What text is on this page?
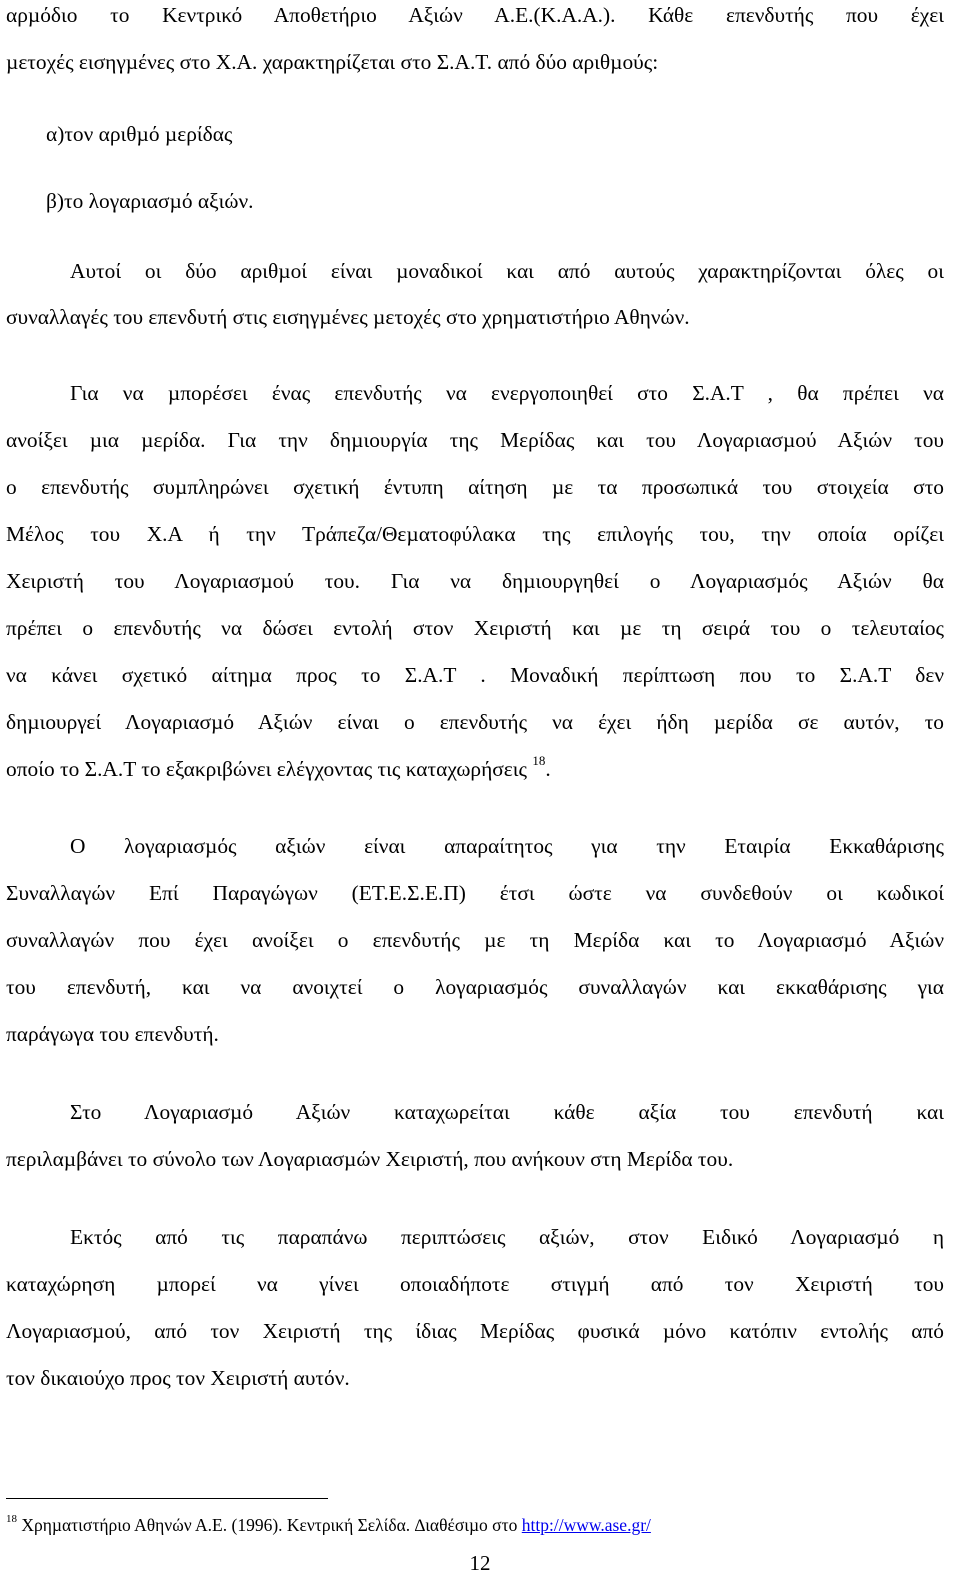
αρµόδιο το Κεντρικό Αποθετήριο Αξιών Α.Ε.(Κ.Α.Α.). Κάθε επενδυτής που έχει
µετοχές εισηγµένες στο Χ.Α. χαρακτηρίζεται στο Σ.Α.Τ. από δύο αριθµούς:
α)τον αριθµό µερίδας
β)το λογαριασµό αξιών.
Αυτοί οι δύο αριθµοί είναι µοναδικοί και από αυτούς χαρακτηρίζονται όλες οι
συναλλαγές του επενδυτή στις εισηγµένες µετοχές στο χρηµατιστήριο Αθηνών.
Για να µπορέσει ένας επενδυτής να ενεργοποιηθεί στο Σ.Α.Τ , θα πρέπει να
ανοίξει µια µερίδα. Για την δηµιουργία της Μερίδας και του Λογαριασµού Αξιών του
ο επενδυτής συµπληρώνει σχετική έντυπη αίτηση µε τα προσωπικά του στοιχεία στο
Μέλος του Χ.Α ή την Τράπεζα/Θεµατοφύλακα της επιλογής του, την οποία ορίζει
Χειριστή του Λογαριασµού του. Για να δηµιουργηθεί ο Λογαριασµός Αξιών θα
πρέπει ο επενδυτής να δώσει εντολή στον Χειριστή και µε τη σειρά του ο τελευταίος
να κάνει σχετικό αίτηµα προς το Σ.Α.Τ . Μοναδική περίπτωση που το Σ.Α.Τ δεν
δηµιουργεί Λογαριασµό Αξιών είναι ο επενδυτής να έχει ήδη µερίδα σε αυτόν, το
οποίο το Σ.Α.Τ το εξακριβώνει ελέγχοντας τις καταχωρήσεις $^{18}$.
Ο λογαριασµός αξιών είναι απαραίτητος για την Εταιρία Εκκαθάρισης
Συναλλαγών Επί Παραγώγων (ΕΤ.Ε.Σ.Ε.Π) έτσι ώστε να συνδεθούν οι κωδικοί
συναλλαγών που έχει ανοίξει ο επενδυτής µε τη Μερίδα και το Λογαριασµό Αξιών
του επενδυτή, και να ανοιχτεί ο λογαριασµός συναλλαγών και εκκαθάρισης για
παράγωγα του επενδυτή.
Στο Λογαριασµό Αξιών καταχωρείται κάθε αξία του επενδυτή και
περιλαµβάνει το σύνολο των Λογαριασµών Χειριστή, που ανήκουν στη Μερίδα του.
Εκτός από τις παραπάνω περιπτώσεις αξιών, στον Ειδικό Λογαριασµό η
καταχώρηση µπορεί να γίνει οποιαδήποτε στιγµή από τον Χειριστή του
Λογαριασµού, από τον Χειριστή της ίδιας Μερίδας φυσικά µόνο κατόπιν εντολής από
τον δικαιούχο προς τον Χειριστή αυτόν.
$^{18}$ Χρηµατιστήριο Αθηνών Α.Ε. (1996). Κεντρική Σελίδα. ∆ιαθέσιµο στο http://www.ase.gr/
12
